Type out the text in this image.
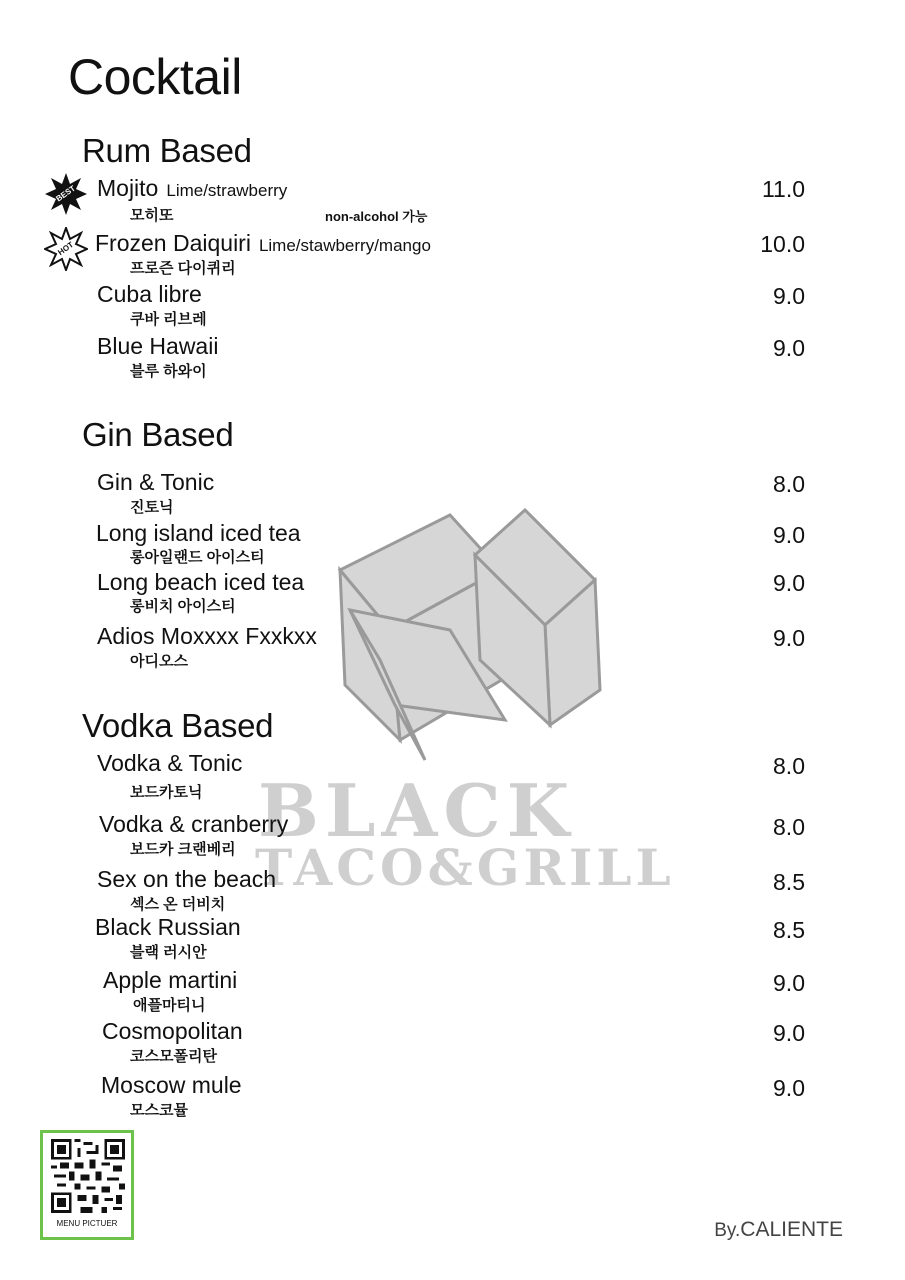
BLACK
TACO&GRILL
Cocktail
Rum Based
BEST Mojito Lime/strawberry
모히또	non-alcohol 가능
11.0
HOT Frozen Daiquiri Lime/stawberry/mango
프로즌 다이퀴리
10.0
Cuba libre
쿠바 리브레
9.0
Blue Hawaii
블루 하와이
9.0
Gin Based
Gin & Tonic
진토닉
8.0
Long island iced tea
롱아일랜드 아이스티
9.0
Long beach iced tea
롱비치 아이스티
9.0
Adios Moxxxx Fxxkxx
아디오스
9.0
Vodka Based
Vodka & Tonic
보드카토닉
8.0
Vodka & cranberry
보드카 크랜베리
8.0
Sex on the beach
섹스 온 더비치
8.5
Black Russian
블랙 러시안
8.5
Apple martini
애플마티니
9.0
Cosmopolitan
코스모폴리탄
9.0
Moscow mule
모스코뮬
9.0
MENU PICTUER	By.CALIENTE
